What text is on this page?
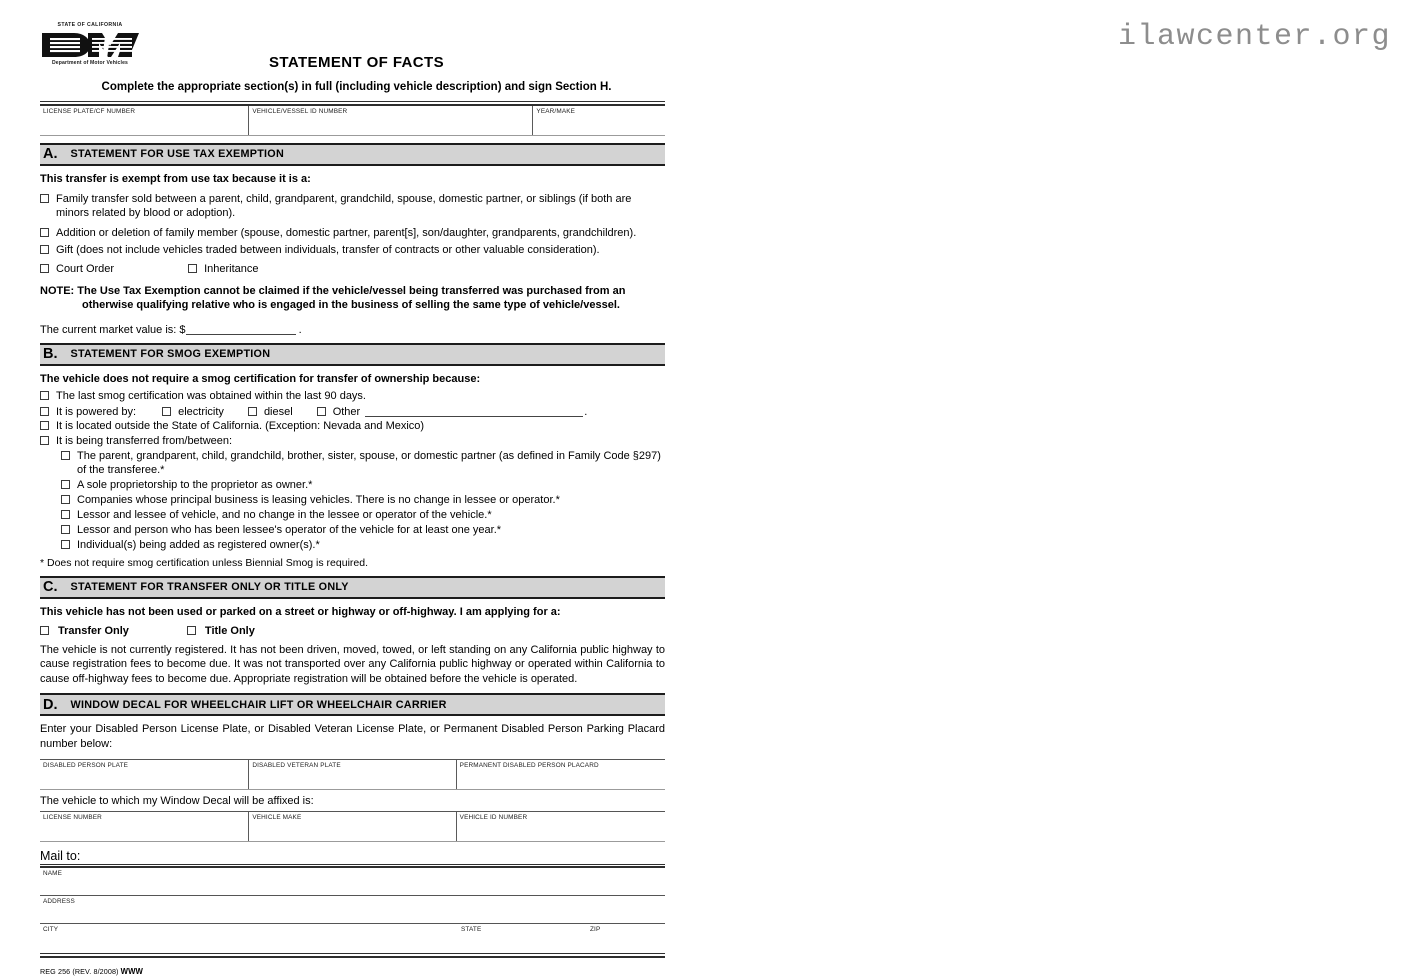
ilawcenter.org
STATE OF CALIFORNIA
Department of Motor Vehicles	STATEMENT OF FACTS
Complete the appropriate section(s) in full (including vehicle description) and sign Section H.
LICENSE PLATE/CF NUMBER	VEHICLE/VESSEL ID NUMBER	YEAR/MAKE
A. STATEMENT FOR USE TAX EXEMPTION
This transfer is exempt from use tax because it is a:
Family transfer sold between a parent, child, grandparent, grandchild, spouse, domestic partner, or siblings (if both are minors related by blood or adoption).
Addition or deletion of family member (spouse, domestic partner, parent[s], son/daughter, grandparents, grandchildren).
Gift (does not include vehicles traded between individuals, transfer of contracts or other valuable consideration).
Court Order	Inheritance
NOTE: The Use Tax Exemption cannot be claimed if the vehicle/vessel being transferred was purchased from an
otherwise qualifying relative who is engaged in the business of selling the same type of vehicle/vessel.
The current market value is: $	.
B. STATEMENT FOR SMOG EXEMPTION
The vehicle does not require a smog certification for transfer of ownership because:
The last smog certification was obtained within the last 90 days.
It is powered by:	electricity	diesel	Other	.
It is located outside the State of California. (Exception: Nevada and Mexico)
It is being transferred from/between:
The parent, grandparent, child, grandchild, brother, sister, spouse, or domestic partner (as defined in Family Code §297) of the transferee.*
A sole proprietorship to the proprietor as owner.*
Companies whose principal business is leasing vehicles. There is no change in lessee or operator.*
Lessor and lessee of vehicle, and no change in the lessee or operator of the vehicle.*
Lessor and person who has been lessee's operator of the vehicle for at least one year.*
Individual(s) being added as registered owner(s).*
* Does not require smog certification unless Biennial Smog is required.
C. STATEMENT FOR TRANSFER ONLY OR TITLE ONLY
This vehicle has not been used or parked on a street or highway or off-highway. I am applying for a:
Transfer Only	Title Only
The vehicle is not currently registered. It has not been driven, moved, towed, or left standing on any California public highway to cause registration fees to become due. It was not transported over any California public highway or operated within California to cause off-highway fees to become due. Appropriate registration will be obtained before the vehicle is operated.
D. WINDOW DECAL FOR WHEELCHAIR LIFT OR WHEELCHAIR CARRIER
Enter your Disabled Person License Plate, or Disabled Veteran License Plate, or Permanent Disabled Person Parking Placard number below:
DISABLED PERSON PLATE	DISABLED VETERAN PLATE	PERMANENT DISABLED PERSON PLACARD
The vehicle to which my Window Decal will be affixed is:
LICENSE NUMBER	VEHICLE MAKE	VEHICLE ID NUMBER
Mail to:
NAME
ADDRESS
CITY	STATE	ZIP
REG 256 (REV. 8/2008) WWW
